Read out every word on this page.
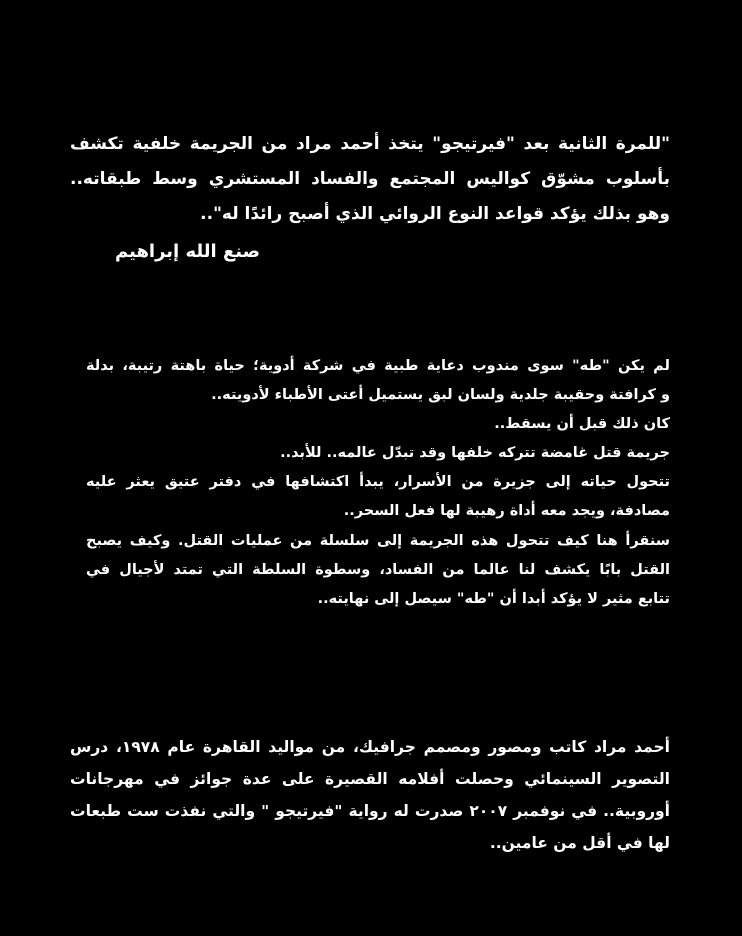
"للمرة الثانية بعد "فيرتيجو" يتخذ أحمد مراد من الجريمة خلفية تكشف
بأسلوب مشوّق كواليس المجتمع والفساد المستشري وسط طبقاته..
وهو بذلك يؤكد قواعد النوع الروائي الذي أصبح رائدًا له"..
صنع الله إبراهيم
لم يكن "طه" سوى مندوب دعاية طبية في شركة أدوية؛ حياة باهتة رتيبة، بدلة
و كرافتة وحقيبة جلدية ولسان لبق يستميل أعتى الأطباء لأدويته..
كان ذلك قبل أن يسقط..
جريمة قتل غامضة تتركه خلفها وقد تبدّل عالمه.. للأبد..
تتحول حياته إلى جزيرة من الأسرار، يبدأ اكتشافها في دفتر عتيق يعثر عليه
مصادفة، ويجد معه أداة رهيبة لها فعل السحر..
سنقرأ هنا كيف تتحول هذه الجريمة إلى سلسلة من عمليات القتل. وكيف يصبح
القتل بابًا يكشف لنا عالما من الفساد، وسطوة السلطة التي تمتد لأجيال في
تتابع مثير لا يؤكد أبدا أن "طه" سيصل إلى نهايته..
أحمد مراد كاتب ومصور ومصمم جرافيك، من مواليد القاهرة عام ١٩٧٨، درس
التصوير السينمائي وحصلت أفلامه القصيرة على عدة جوائز في مهرجانات
أوروبية.. في نوفمبر ٢٠٠٧ صدرت له رواية "فيرتيجو " والتي نفذت ست طبعات
لها في أقل من عامين..
